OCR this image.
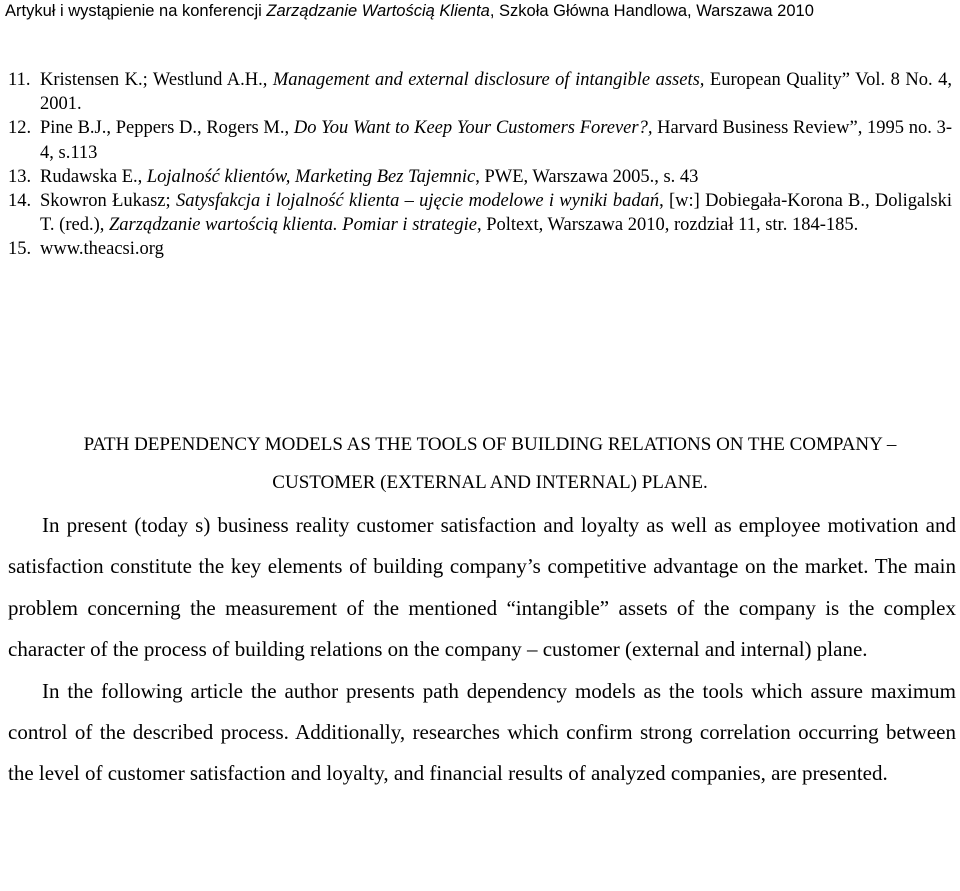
Artykuł i wystąpienie na konferencji Zarządzanie Wartością Klienta, Szkoła Główna Handlowa, Warszawa 2010
11. Kristensen K.; Westlund A.H., Management and external disclosure of intangible assets, European Quality” Vol. 8 No. 4, 2001.
12. Pine B.J., Peppers D., Rogers M., Do You Want to Keep Your Customers Forever?, Harvard Business Review”, 1995 no. 3-4, s.113
13. Rudawska E., Lojalność klientów, Marketing Bez Tajemnic, PWE, Warszawa 2005., s. 43
14. Skowron Łukasz; Satysfakcja i lojalność klienta – ujęcie modelowe i wyniki badań, [w:] Dobiegała-Korona B., Doligalski T. (red.), Zarządzanie wartością klienta. Pomiar i strategie, Poltext, Warszawa 2010, rozdział 11, str. 184-185.
15. www.theacsi.org
PATH DEPENDENCY MODELS AS THE TOOLS OF BUILDING RELATIONS ON THE COMPANY – CUSTOMER (EXTERNAL AND INTERNAL) PLANE.

In present (today s) business reality customer satisfaction and loyalty as well as employee motivation and satisfaction constitute the key elements of building company’s competitive advantage on the market. The main problem concerning the measurement of the mentioned “intangible” assets of the company is the complex character of the process of building relations on the company – customer (external and internal) plane.

In the following article the author presents path dependency models as the tools which assure maximum control of the described process. Additionally, researches which confirm strong correlation occurring between the level of customer satisfaction and loyalty, and financial results of analyzed companies, are presented.
